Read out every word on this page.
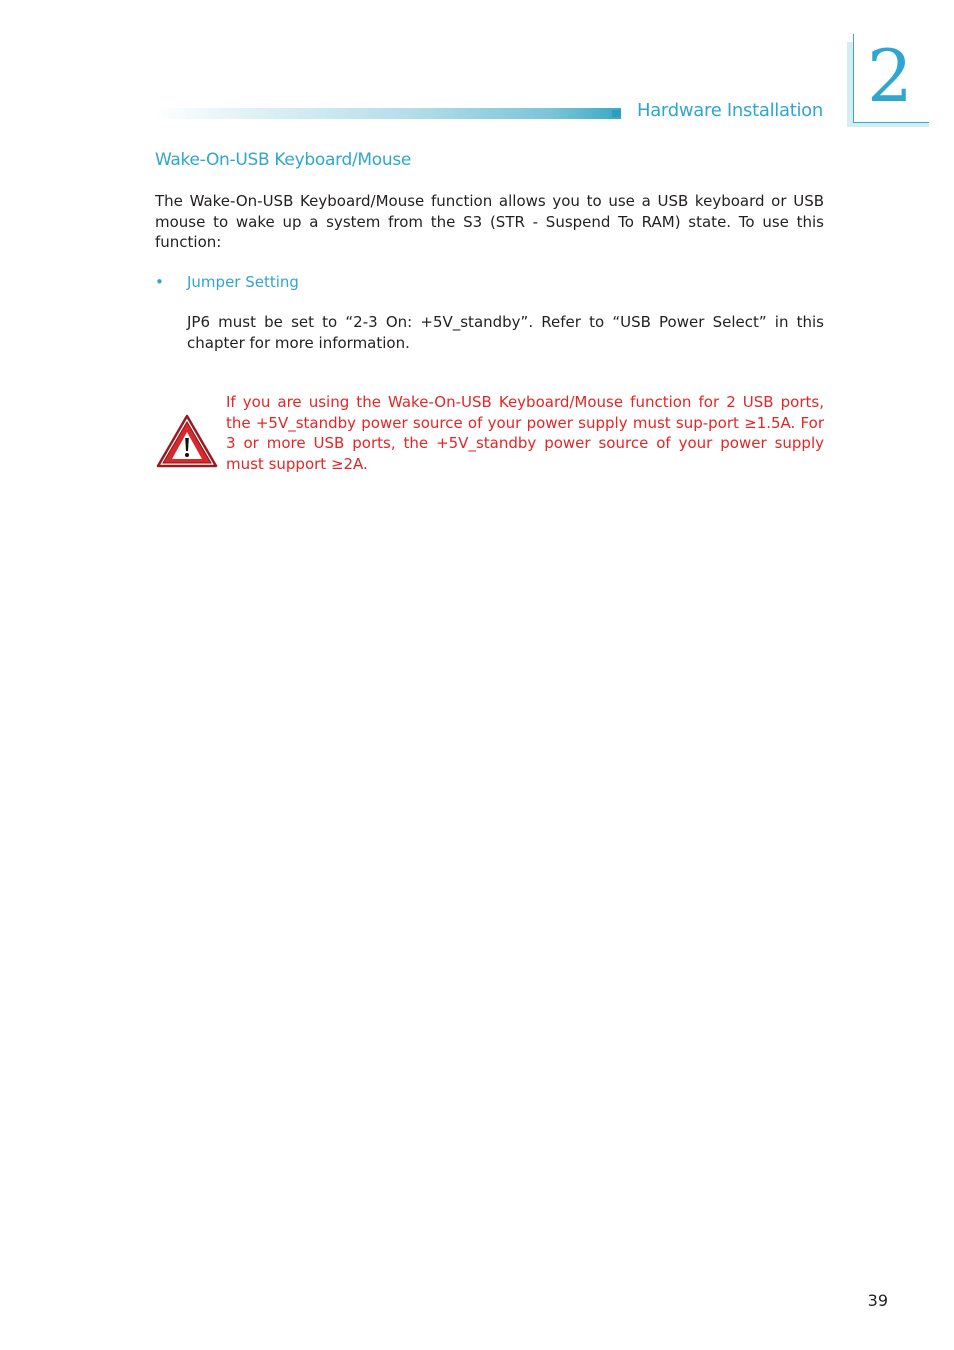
Hardware Installation 2
Wake-On-USB Keyboard/Mouse

The Wake-On-USB Keyboard/Mouse function allows you to use a USB keyboard or USB mouse to wake up a system from the S3 (STR - Suspend To RAM) state. To use this function:

• Jumper Setting

JP6 must be set to “2-3 On: +5V_standby”. Refer to “USB Power Select” in this chapter for more information.

If you are using the Wake-On-USB Keyboard/Mouse function for 2 USB ports, the +5V_standby power source of your power supply must sup-port ≥1.5A. For 3 or more USB ports, the +5V_standby power source of your power supply must support ≥2A.

39
